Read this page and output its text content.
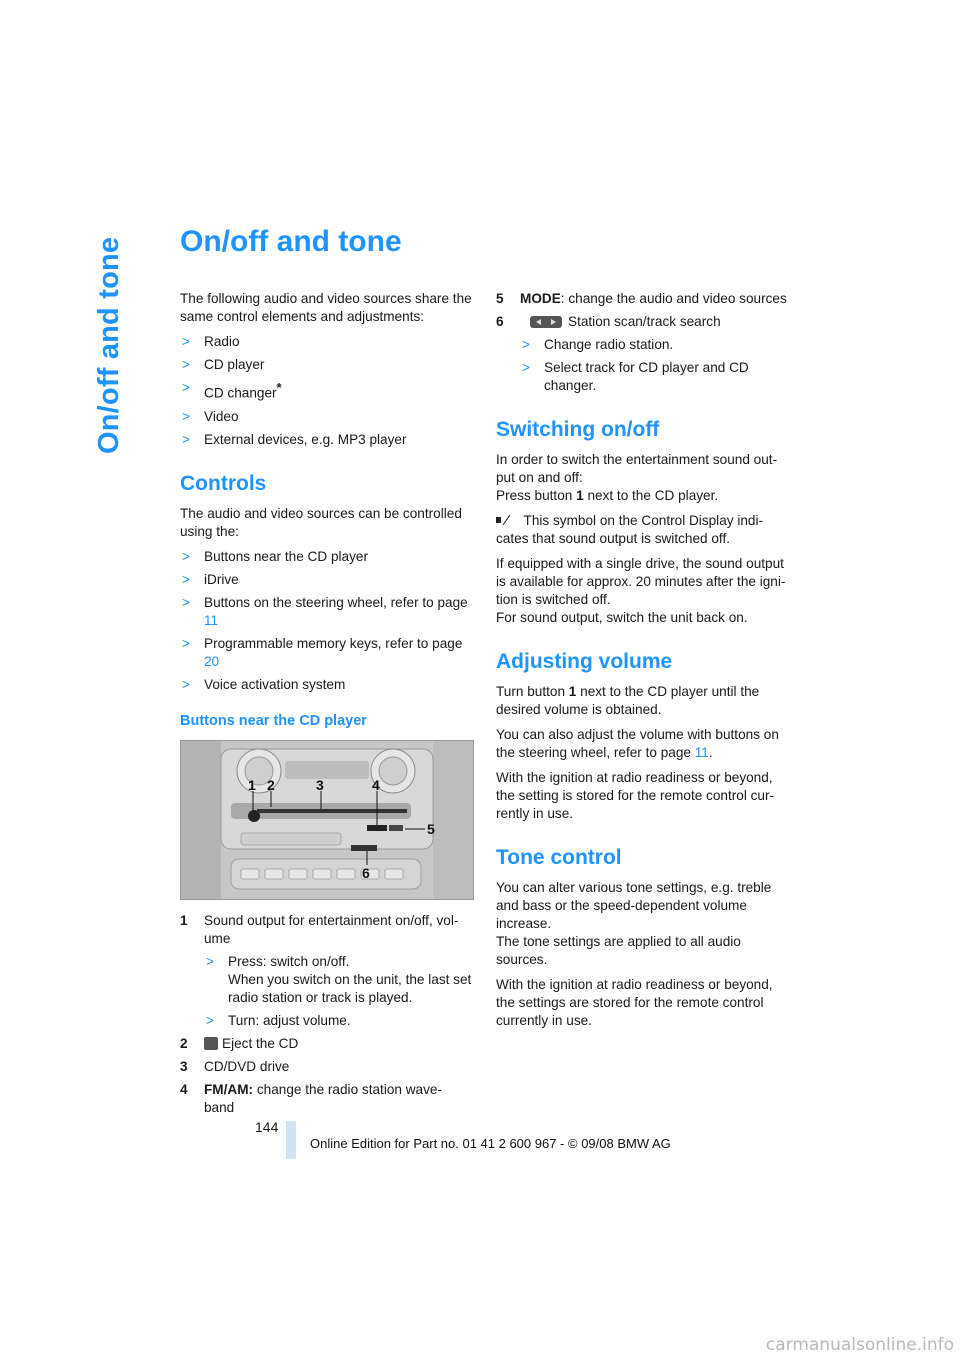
On/off and tone On/off and tone

The following audio and video sources share the same control elements and adjustments:

> Radio
> CD player
> CD changer*
> Video
> External devices, e.g. MP3 player
Controls

The audio and video sources can be controlled using the:

> Buttons near the CD player
> iDrive
> Buttons on the steering wheel, refer to page 11
> Programmable memory keys, refer to page 20
> Voice activation system
Buttons near the CD player
1 2	3	4
5
6
1 Sound output for entertainment on/off, vol-ume
> Press: switch on/off.
When you switch on the unit, the last set radio station or track is played.
> Turn: adjust volume.
2	Eject the CD
3 CD/DVD drive
4 FM/AM: change the radio station wave-band
5 MODE: change the audio and video sources
6	Station scan/track search
> Change radio station.
> Select track for CD player and CD changer.
Switching on/off

In order to switch the entertainment sound out-put on and off:
Press button 1 next to the CD player.

This symbol on the Control Display indi-cates that sound output is switched off.

If equipped with a single drive, the sound output is available for approx. 20 minutes after the igni-tion is switched off.
For sound output, switch the unit back on.

Adjusting volume

Turn button 1 next to the CD player until the desired volume is obtained.

You can also adjust the volume with buttons on the steering wheel, refer to page 11.

With the ignition at radio readiness or beyond, the setting is stored for the remote control cur-rently in use.

Tone control

You can alter various tone settings, e.g. treble and bass or the speed-dependent volume increase.
The tone settings are applied to all audio sources.

With the ignition at radio readiness or beyond, the settings are stored for the remote control currently in use.

144
Online Edition for Part no. 01 41 2 600 967 - © 09/08 BMW AG
carmanualsonline.info
